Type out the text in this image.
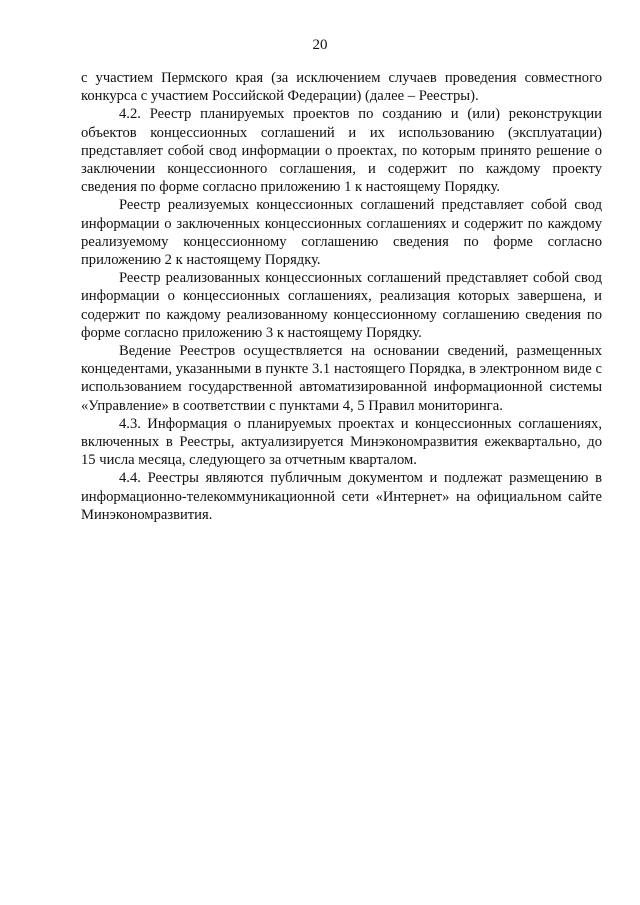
20

с участием Пермского края (за исключением случаев проведения совместного конкурса с участием Российской Федерации) (далее – Реестры).

4.2. Реестр планируемых проектов по созданию и (или) реконструкции объектов концессионных соглашений и их использованию (эксплуатации) представляет собой свод информации о проектах, по которым принято решение о заключении концессионного соглашения, и содержит по каждому проекту сведения по форме согласно приложению 1 к настоящему Порядку.

Реестр реализуемых концессионных соглашений представляет собой свод информации о заключенных концессионных соглашениях и содержит по каждому реализуемому концессионному соглашению сведения по форме согласно приложению 2 к настоящему Порядку.

Реестр реализованных концессионных соглашений представляет собой свод информации о концессионных соглашениях, реализация которых завершена, и содержит по каждому реализованному концессионному соглашению сведения по форме согласно приложению 3 к настоящему Порядку.

Ведение Реестров осуществляется на основании сведений, размещенных концедентами, указанными в пункте 3.1 настоящего Порядка, в электронном виде с использованием государственной автоматизированной информационной системы «Управление» в соответствии с пунктами 4, 5 Правил мониторинга.

4.3. Информация о планируемых проектах и концессионных соглашениях, включенных в Реестры, актуализируется Минэкономразвития ежеквартально, до 15 числа месяца, следующего за отчетным кварталом.

4.4. Реестры являются публичным документом и подлежат размещению в информационно-телекоммуникационной сети «Интернет» на официальном сайте Минэкономразвития.
